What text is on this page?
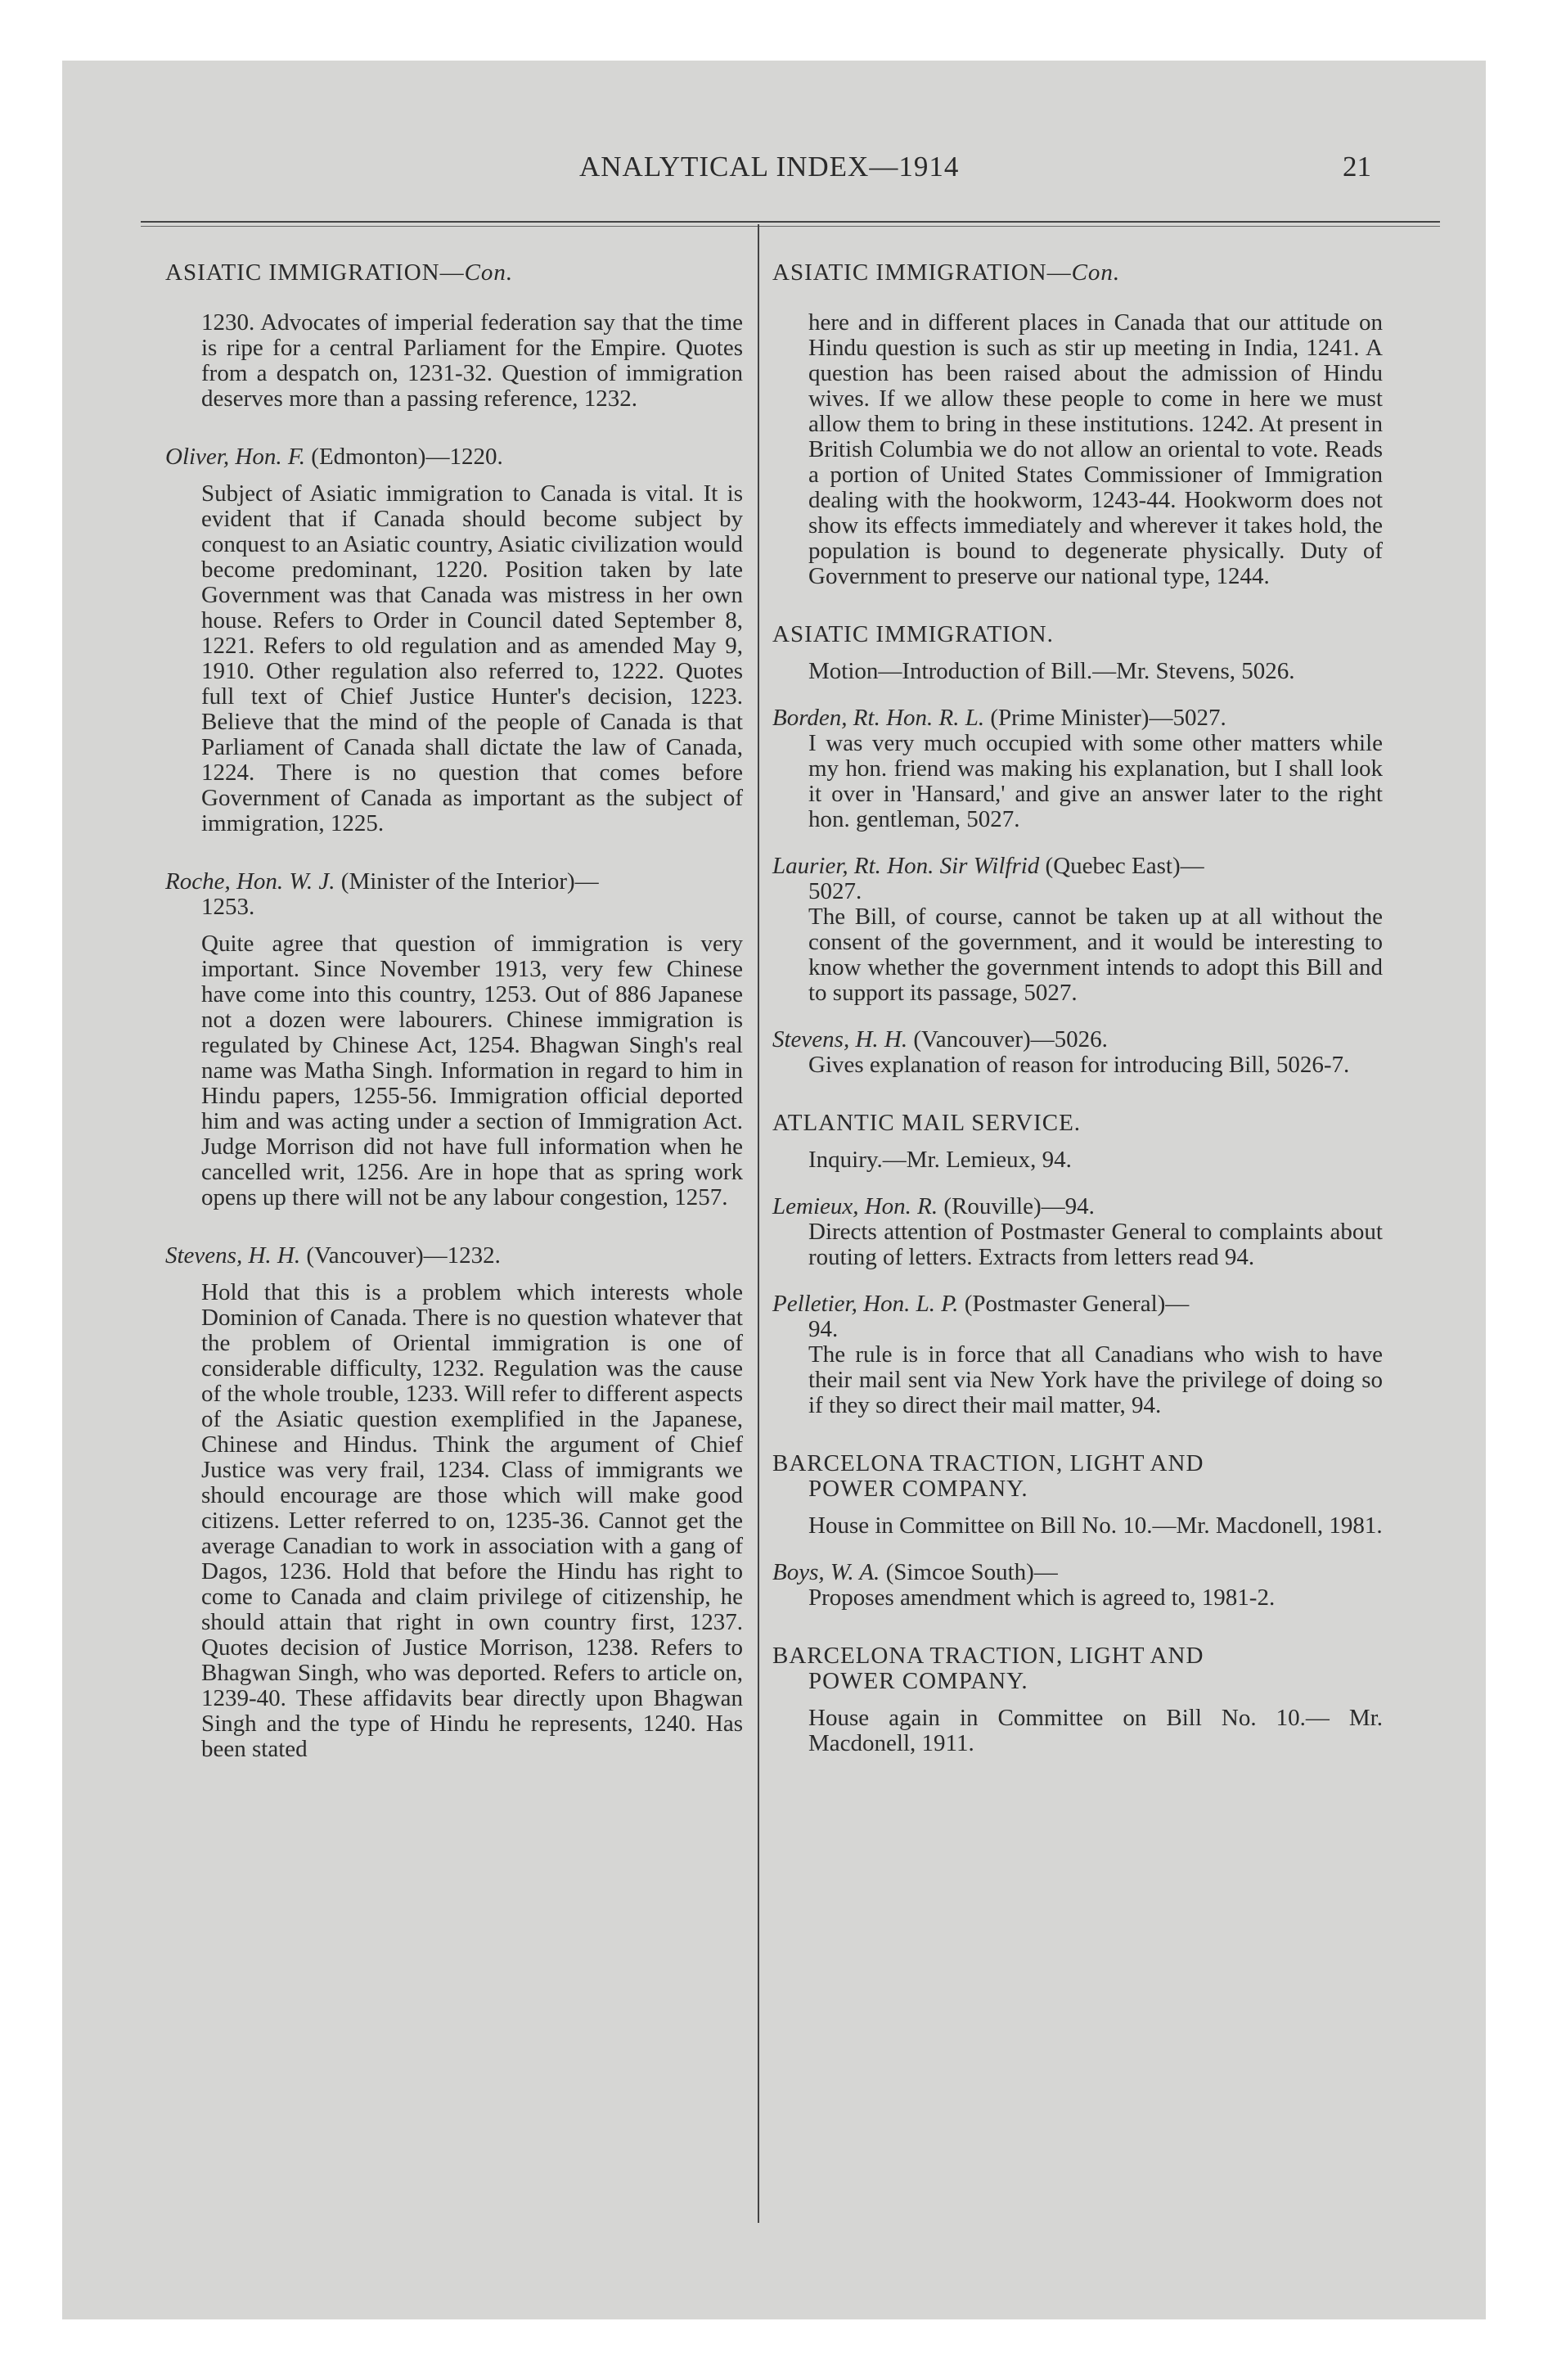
ANALYTICAL INDEX—1914	21

ASIATIC IMMIGRATION—Con.

1230. Advocates of imperial federation say that the time is ripe for a central Parliament for the Empire. Quotes from a despatch on, 1231-32. Question of immigration deserves more than a passing reference, 1232.

Oliver, Hon. F. (Edmonton)—1220.

Subject of Asiatic immigration to Canada is vital. It is evident that if Canada should become subject by conquest to an Asiatic country, Asiatic civilization would become predominant, 1220. Position taken by late Government was that Canada was mistress in her own house. Refers to Order in Council dated September 8, 1221. Refers to old regulation and as amended May 9, 1910. Other regulation also referred to, 1222. Quotes full text of Chief Justice Hunter's decision, 1223. Believe that the mind of the people of Canada is that Parliament of Canada shall dictate the law of Canada, 1224. There is no question that comes before Government of Canada as important as the subject of immigration, 1225.

Roche, Hon. W. J. (Minister of the Interior)—

1253.

Quite agree that question of immigration is very important. Since November 1913, very few Chinese have come into this country, 1253. Out of 886 Japanese not a dozen were labourers. Chinese immigration is regulated by Chinese Act, 1254. Bhagwan Singh's real name was Matha Singh. Information in regard to him in Hindu papers, 1255-56. Immigration official deported him and was acting under a section of Immigration Act. Judge Morrison did not have full information when he cancelled writ, 1256. Are in hope that as spring work opens up there will not be any labour congestion, 1257.

Stevens, H. H. (Vancouver)—1232.

Hold that this is a problem which interests whole Dominion of Canada. There is no question whatever that the problem of Oriental immigration is one of considerable difficulty, 1232. Regulation was the cause of the whole trouble, 1233. Will refer to different aspects of the Asiatic question exemplified in the Japanese, Chinese and Hindus. Think the argument of Chief Justice was very frail, 1234. Class of immigrants we should encourage are those which will make good citizens. Letter referred to on, 1235-36. Cannot get the average Canadian to work in association with a gang of Dagos, 1236. Hold that before the Hindu has right to come to Canada and claim privilege of citizenship, he should attain that right in own country first, 1237. Quotes decision of Justice Morrison, 1238. Refers to Bhagwan Singh, who was deported. Refers to article on, 1239-40. These affidavits bear directly upon Bhagwan Singh and the type of Hindu he represents, 1240. Has been stated

ASIATIC IMMIGRATION—Con.

here and in different places in Canada that our attitude on Hindu question is such as stir up meeting in India, 1241. A question has been raised about the admission of Hindu wives. If we allow these people to come in here we must allow them to bring in these institutions. 1242. At present in British Columbia we do not allow an oriental to vote. Reads a portion of United States Commissioner of Immigration dealing with the hookworm, 1243-44. Hookworm does not show its effects immediately and wherever it takes hold, the population is bound to degenerate physically. Duty of Government to preserve our national type, 1244.

ASIATIC IMMIGRATION.

Motion—Introduction of Bill.—Mr. Stevens, 5026.

Borden, Rt. Hon. R. L. (Prime Minister)—5027.

I was very much occupied with some other matters while my hon. friend was making his explanation, but I shall look it over in 'Hansard,' and give an answer later to the right hon. gentleman, 5027.

Laurier, Rt. Hon. Sir Wilfrid (Quebec East)—

5027.

The Bill, of course, cannot be taken up at all without the consent of the government, and it would be interesting to know whether the government intends to adopt this Bill and to support its passage, 5027.

Stevens, H. H. (Vancouver)—5026.

Gives explanation of reason for introducing Bill, 5026-7.

ATLANTIC MAIL SERVICE.

Inquiry.—Mr. Lemieux, 94.

Lemieux, Hon. R. (Rouville)—94.

Directs attention of Postmaster General to complaints about routing of letters. Extracts from letters read 94.

Pelletier, Hon. L. P. (Postmaster General)—

94.

The rule is in force that all Canadians who wish to have their mail sent via New York have the privilege of doing so if they so direct their mail matter, 94.

BARCELONA TRACTION, LIGHT AND

POWER COMPANY.

House in Committee on Bill No. 10.—Mr. Macdonell, 1981.

Boys, W. A. (Simcoe South)—

Proposes amendment which is agreed to, 1981-2.

BARCELONA TRACTION, LIGHT AND

POWER COMPANY.

House again in Committee on Bill No. 10.— Mr. Macdonell, 1911.
